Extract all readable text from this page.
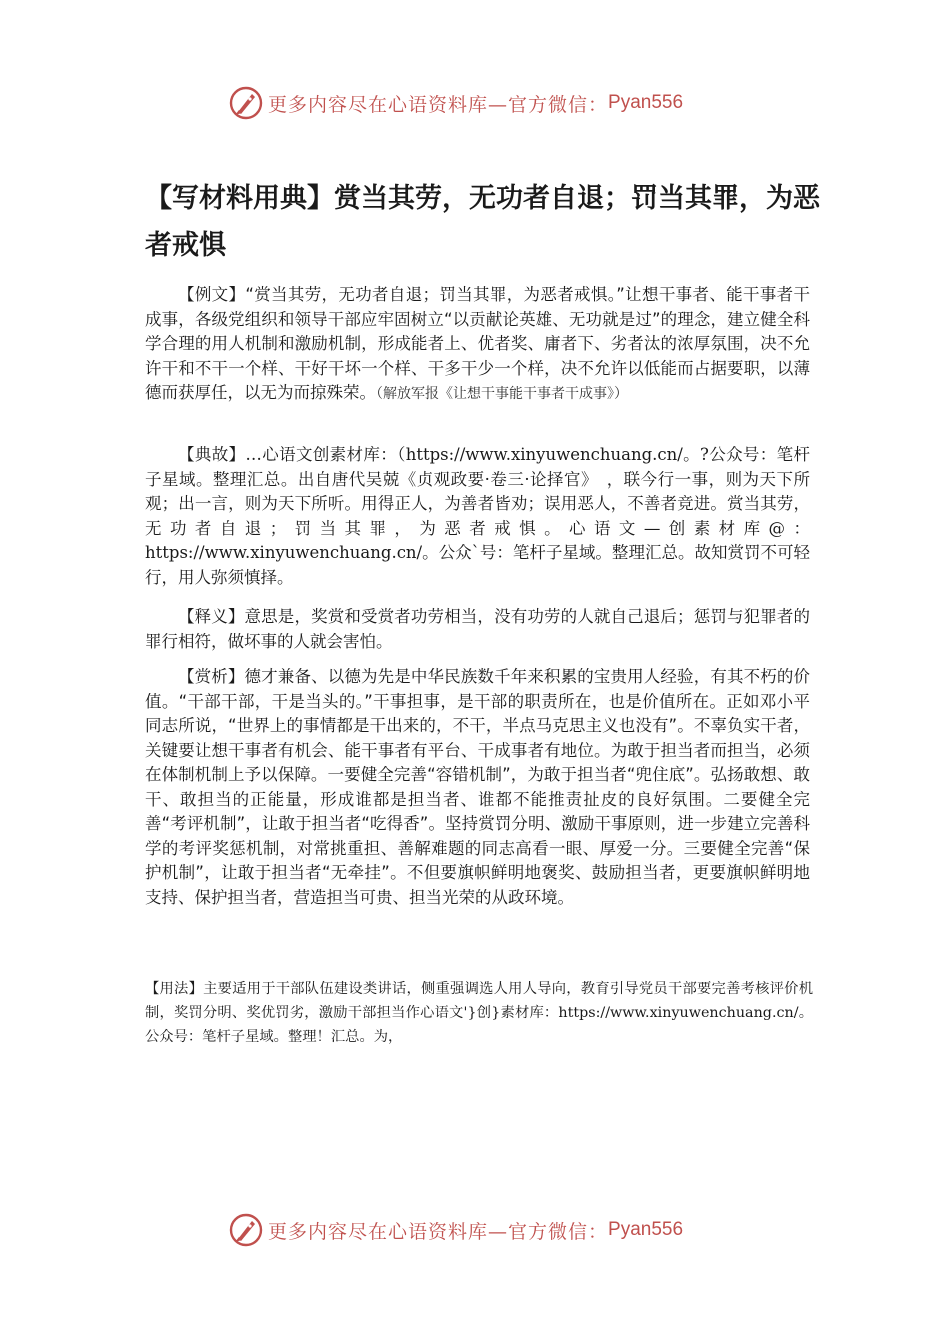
更多内容尽在心语资料库—官方微信： Pyan556
【写材料用典】赏当其劳，无功者自退；罚当其罪，为恶者戒惧

【例文】“赏当其劳，无功者自退；罚当其罪，为恶者戒惧。”让想干事者、能干事者干成事，各级党组织和领导干部应牢固树立“以贡献论英雄、无功就是过”的理念，建立健全科学合理的用人机制和激励机制，形成能者上、优者奖、庸者下、劣者汰的浓厚氛围，决不允许干和不干一个样、干好干坏一个样、干多干少一个样，决不允许以低能而占据要职，以薄德而获厚任，以无为而掠殊荣。（解放军报《让想干事能干事者干成事》）

【典故】…心语文创素材库：（https://www.xinyuwenchuang.cn/。?公众号：笔杆子星域。整理汇总。出自唐代吴兢《贞观政要·卷三·论择官》　，联今行一事，则为天下所观；出一言，则为天下所听。用得正人，为善者皆劝；误用恶人，不善者竞进。赏当其劳，无功者自退；罚当其罪，为恶者戒惧。心语文—创素材库@：https://www.xinyuwenchuang.cn/。公众`号：笔杆子星域。整理汇总。故知赏罚不可轻行，用人弥须慎择。

【释义】意思是，奖赏和受赏者功劳相当，没有功劳的人就自己退后；惩罚与犯罪者的罪行相符，做坏事的人就会害怕。

【赏析】德才兼备、以德为先是中华民族数千年来积累的宝贵用人经验，有其不朽的价值。“干部干部，干是当头的。”干事担事，是干部的职责所在，也是价值所在。正如邓小平同志所说，“世界上的事情都是干出来的，不干，半点马克思主义也没有”。不辜负实干者，关键要让想干事者有机会、能干事者有平台、干成事者有地位。为敢于担当者而担当，必须在体制机制上予以保障。一要健全完善“容错机制”，为敢于担当者“兜住底”。弘扬敢想、敢干、敢担当的正能量，形成谁都是担当者、谁都不能推责扯皮的良好氛围。二要健全完善“考评机制”，让敢于担当者“吃得香”。坚持赏罚分明、激励干事原则，进一步建立完善科学的考评奖惩机制，对常挑重担、善解难题的同志高看一眼、厚爱一分。三要健全完善“保护机制”，让敢于担当者“无牵挂”。不但要旗帜鲜明地褒奖、鼓励担当者，更要旗帜鲜明地支持、保护担当者，营造担当可贵、担当光荣的从政环境。

【用法】主要适用于干部队伍建设类讲话，侧重强调选人用人导向，教育引导党员干部要完善考核评价机制，奖罚分明、奖优罚劣，激励干部担当作心语文'}创}素材库：https://www.xinyuwenchuang.cn/。公众号：笔杆子星域。整理！汇总。为，

更多内容尽在心语资料库—官方微信： Pyan556
